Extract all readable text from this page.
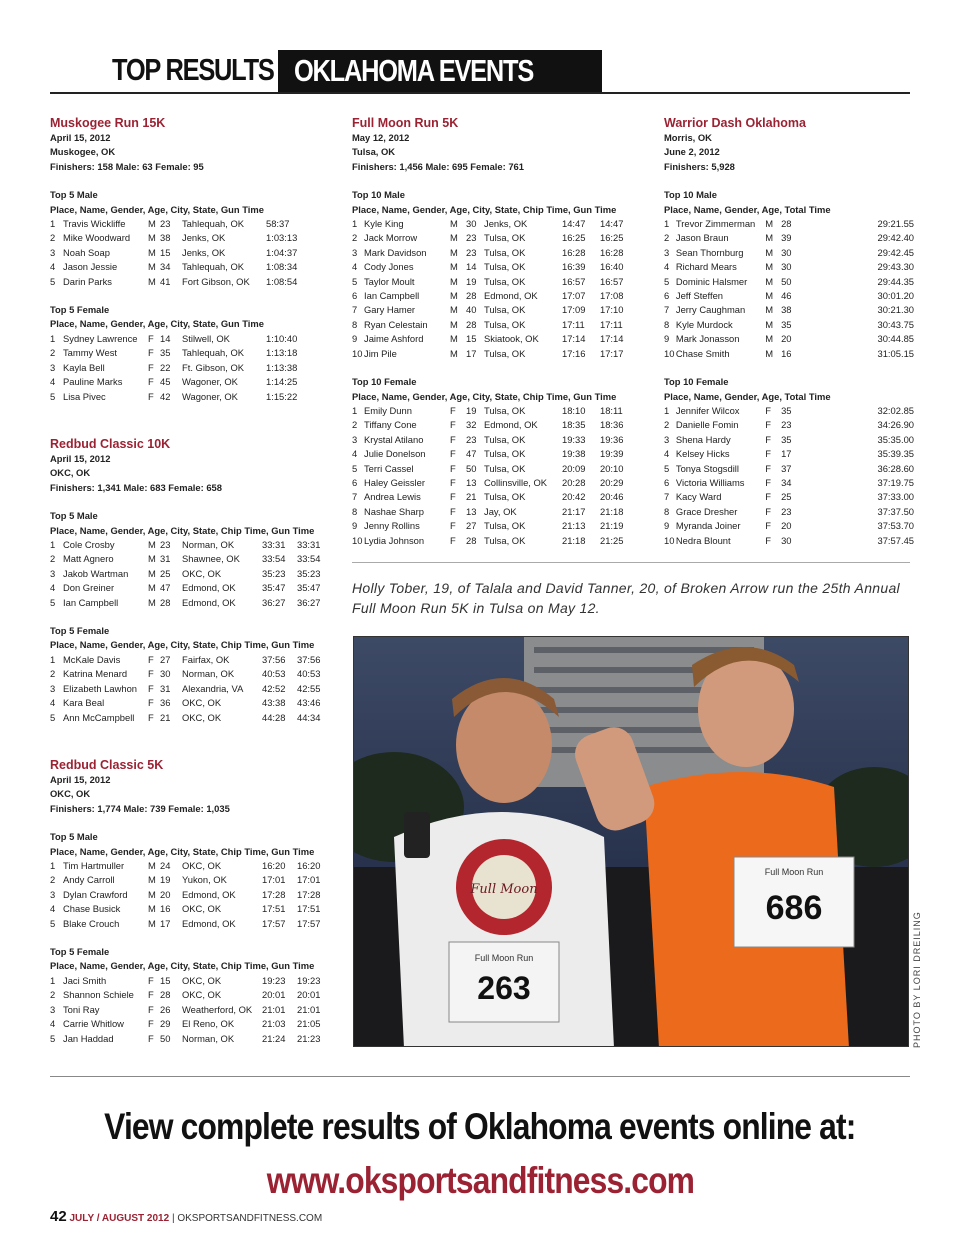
TOP RESULTS OKLAHOMA EVENTS
Muskogee Run 15K
April 15, 2012
Muskogee, OK
Finishers: 158 Male: 63 Female: 95
Top 5 Male
Place, Name, Gender, Age, City, State, Gun Time
1 Travis Wickliffe	M 23	Tahlequah, OK	58:37
2 Mike Woodward	M 38	Jenks, OK	1:03:13
3 Noah Soap	M 15	Jenks, OK	1:04:37
4 Jason Jessie	M 34	Tahlequah, OK	1:08:34
5 Darin Parks	M 41	Fort Gibson, OK	1:08:54
Top 5 Female
Place, Name, Gender, Age, City, State, Gun Time
1 Sydney Lawrence	F 14	Stilwell, OK	1:10:40
2 Tammy West	F 35	Tahlequah, OK	1:13:18
3 Kayla Bell	F 22	Ft. Gibson, OK	1:13:38
4 Pauline Marks	F 45	Wagoner, OK	1:14:25
5 Lisa Pivec	F 42	Wagoner, OK	1:15:22
Redbud Classic 10K
April 15, 2012
OKC, OK
Finishers: 1,341 Male: 683 Female: 658
Top 5 Male
Place, Name, Gender, Age, City, State, Chip Time, Gun Time
1 Cole Crosby	M 23	Norman, OK	33:31	33:31
2 Matt Agnero	M 31	Shawnee, OK	33:54	33:54
3 Jakob Wartman	M 25	OKC, OK	35:23	35:23
4 Don Greiner	M 47	Edmond, OK	35:47	35:47
5 Ian Campbell	M 28	Edmond, OK	36:27	36:27
Top 5 Female
Place, Name, Gender, Age, City, State, Chip Time, Gun Time
1 McKale Davis	F 27	Fairfax, OK	37:56	37:56
2 Katrina Menard	F 30	Norman, OK	40:53	40:53
3 Elizabeth Lawhon	F 31	Alexandria, VA	42:52	42:55
4 Kara Beal	F 36	OKC, OK	43:38	43:46
5 Ann McCampbell	F 21	OKC, OK	44:28	44:34
Redbud Classic 5K
April 15, 2012
OKC, OK
Finishers: 1,774 Male: 739 Female: 1,035
Top 5 Male
Place, Name, Gender, Age, City, State, Chip Time, Gun Time
1 Tim Hartmuller	M 24	OKC, OK	16:20	16:20
2 Andy Carroll	M 19	Yukon, OK	17:01	17:01
3 Dylan Crawford	M 20	Edmond, OK	17:28	17:28
4 Chase Busick	M 16	OKC, OK	17:51	17:51
5 Blake Crouch	M 17	Edmond, OK	17:57	17:57
Top 5 Female
Place, Name, Gender, Age, City, State, Chip Time, Gun Time
1 Jaci Smith	F 15	OKC, OK	19:23	19:23
2 Shannon Schiele	F 28	OKC, OK	20:01	20:01
3 Toni Ray	F 26	Weatherford, OK	21:01	21:01
4 Carrie Whitlow	F 29	El Reno, OK	21:03	21:05
5 Jan Haddad	F 50	Norman, OK	21:24	21:23
Full Moon Run 5K
May 12, 2012
Tulsa, OK
Finishers: 1,456 Male: 695 Female: 761
Top 10 Male
Place, Name, Gender, Age, City, State, Chip Time, Gun Time
1 Kyle King	M 30 Jenks, OK	14:47	14:47
2 Jack Morrow	M 23 Tulsa, OK	16:25	16:25
3 Mark Davidson	M 23 Tulsa, OK	16:28	16:28
4 Cody Jones	M 14 Tulsa, OK	16:39	16:40
5 Taylor Moult	M 19 Tulsa, OK	16:57	16:57
6 Ian Campbell	M 28 Edmond, OK	17:07	17:08
7 Gary Hamer	M 40 Tulsa, OK	17:09	17:10
8 Ryan Celestain	M 28 Tulsa, OK	17:11	17:11
9 Jaime Ashford	M 15 Skiatook, OK	17:14	17:14
10 Jim Pile	M 17 Tulsa, OK	17:16	17:17
Top 10 Female
Place, Name, Gender, Age, City, State, Chip Time, Gun Time
1 Emily Dunn	F	19 Tulsa, OK	18:10	18:11
2 Tiffany Cone	F	32 Edmond, OK	18:35	18:36
3 Krystal Atilano	F	23 Tulsa, OK	19:33	19:36
4 Julie Donelson	F	47 Tulsa, OK	19:38	19:39
5 Terri Cassel	F	50 Tulsa, OK	20:09	20:10
6 Haley Geissler	F	13 Collinsville, OK	20:28	20:29
7 Andrea Lewis	F	21 Tulsa, OK	20:42	20:46
8 Nashae Sharp	F	13 Jay, OK	21:17	21:18
9 Jenny Rollins	F	27 Tulsa, OK	21:13	21:19
10 Lydia Johnson	F	28 Tulsa, OK	21:18	21:25
Warrior Dash Oklahoma
Morris, OK
June 2, 2012
Finishers: 5,928
Top 10 Male
Place, Name, Gender, Age, Total Time
1 Trevor Zimmerman	M 28	29:21.55
2 Jason Braun	M 39	29:42.40
3 Sean Thornburg	M 30	29:42.45
4 Richard Mears	M 30	29:43.30
5 Dominic Halsmer	M 50	29:44.35
6 Jeff Steffen	M 46	30:01.20
7 Jerry Caughman	M 38	30:21.30
8 Kyle Murdock	M 35	30:43.75
9 Mark Jonasson	M 20	30:44.85
10 Chase Smith	M 16	31:05.15
Top 10 Female
Place, Name, Gender, Age, Total Time
1 Jennifer Wilcox	F	35	32:02.85
2 Danielle Fomin	F	23	34:26.90
3 Shena Hardy	F	35	35:35.00
4 Kelsey Hicks	F	17	35:39.35
5 Tonya Stogsdill	F	37	36:28.60
6 Victoria Williams	F	34	37:19.75
7 Kacy Ward	F	25	37:33.00
8 Grace Dresher	F	23	37:37.50
9 Myranda Joiner	F	20	37:53.70
10 Nedra Blount	F	30	37:57.45
Holly Tober, 19, of Talala and David Tanner, 20, of Broken Arrow run the 25th Annual Full Moon Run 5K in Tulsa on May 12.
Full Moon
Full Moon Run
263
Full Moon Run
686
PHOTO BY LORI DREILING
View complete results of Oklahoma events online at:
www.oksportsandfitness.com
42 JULY / AUGUST 2012 | OKSPORTSANDFITNESS.COM
